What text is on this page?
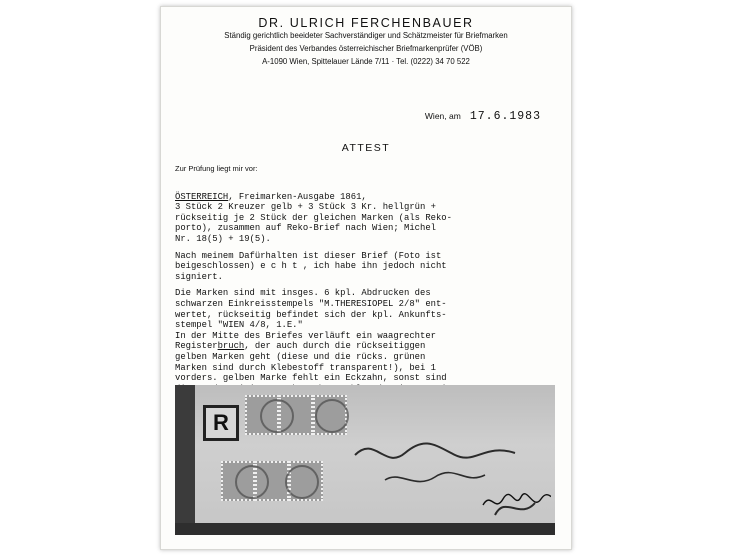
DR. ULRICH FERCHENBAUER
Ständig gerichtlich beeideter Sachverständiger und Schätzmeister für Briefmarken
Präsident des Verbandes österreichischer Briefmarkenprüfer (VÖB)
A-1090 Wien, Spittelauer Lände 7/11 · Tel. (0222) 34 70 522
Wien, am 17.6.1983
ATTEST
Zur Prüfung liegt mir vor:

ÖSTERREICH, Freimarken-Ausgabe 1861,
3 Stück 2 Kreuzer gelb + 3 Stück 3 Kr. hellgrün +
rückseitig je 2 Stück der gleichen Marken (als Reko-
porto), zusammen auf Reko-Brief nach Wien; Michel
Nr. 18(5) + 19(5).
Nach meinem Dafürhalten ist dieser Brief (Foto ist
beigeschlossen) e c h t , ich habe ihn jedoch nicht
signiert.
Die Marken sind mit insges. 6 kpl. Abdrucken des
schwarzen Einkreisstempels "M.THERESIOPEL 2/8" ent-
wertet, rückseitig befindet sich der kpl. Ankunfts-
stempel "WIEN 4/8, 1.E."
In der Mitte des Briefes verläuft ein waagrechter
Registerbruch, der auch durch die rückseitiggen
gelben Marken geht (diese und die rücks. grünen
Marken sind durch Klebestoff transparent!), bei 1
vorders. gelben Marke fehlt ein Eckzahn, sonst sind

R
